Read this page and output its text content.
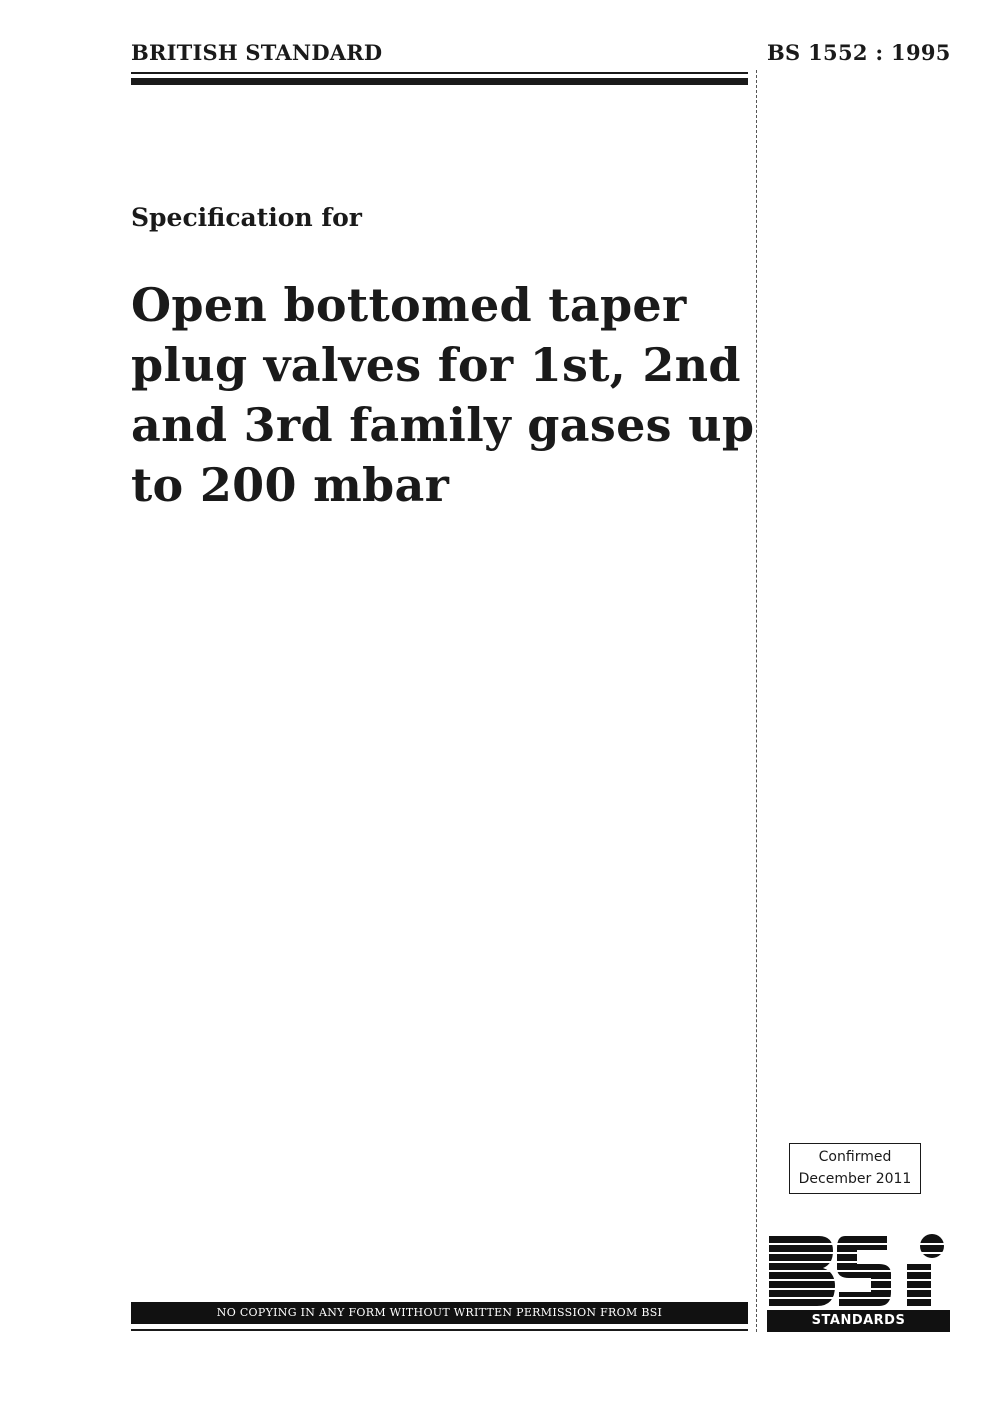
BRITISH STANDARD	BS 1552 : 1995
Specification for
Open bottomed taper
plug valves for 1st, 2nd
and 3rd family gases up
to 200 mbar
Confirmed
December 2011
STANDARDS
NO COPYING IN ANY FORM WITHOUT WRITTEN PERMISSION FROM BSI
